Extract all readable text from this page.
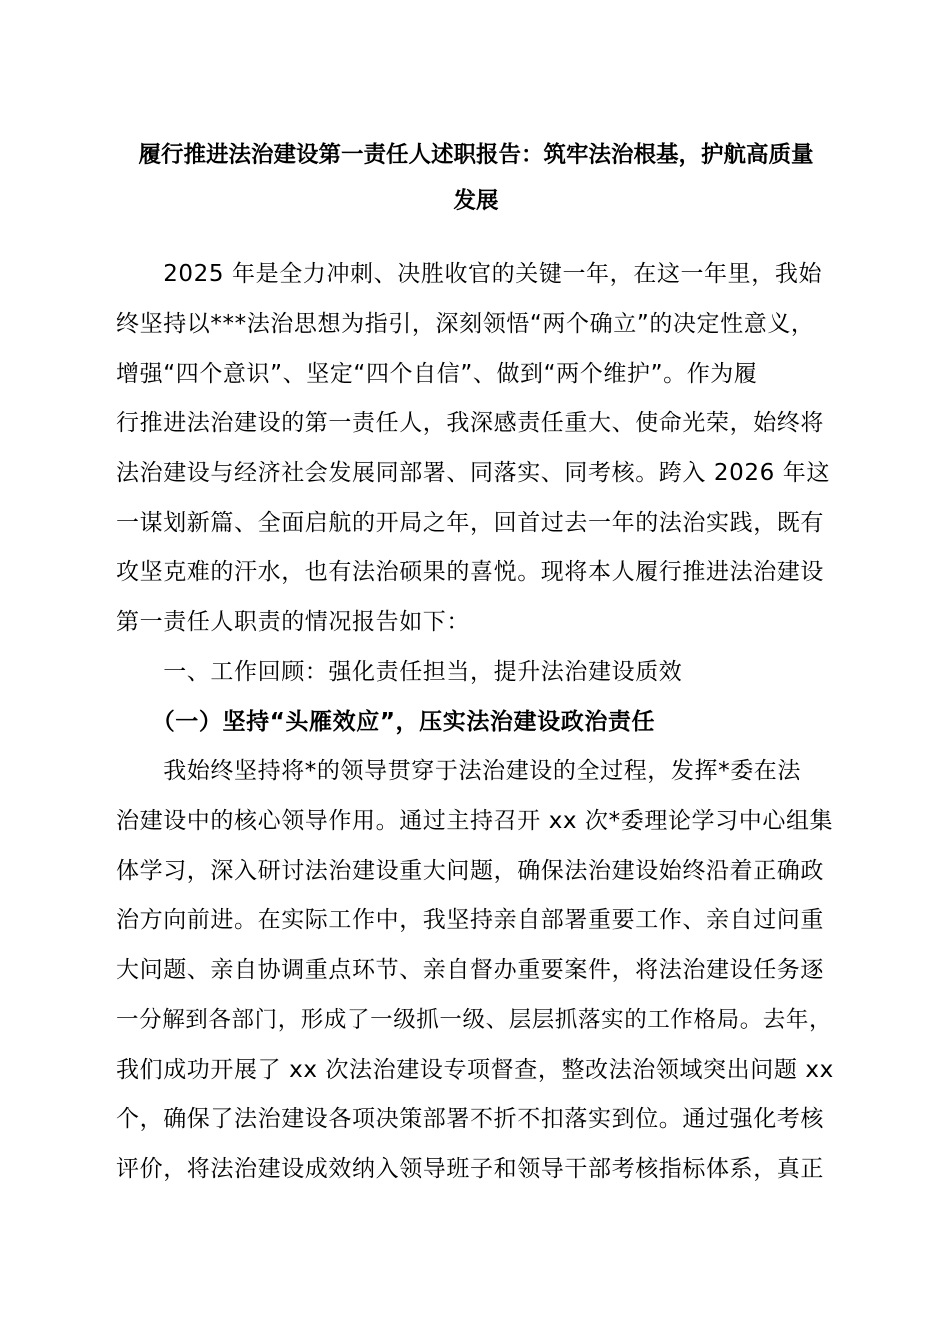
履行推进法治建设第一责任人述职报告：筑牢法治根基，护航高质量
发展
　　2025 年是全力冲刺、决胜收官的关键一年，在这一年里，我始
终坚持以***法治思想为指引，深刻领悟“两个确立”的决定性意义，
增强“四个意识”、坚定“四个自信”、做到“两个维护”。作为履
行推进法治建设的第一责任人，我深感责任重大、使命光荣，始终将
法治建设与经济社会发展同部署、同落实、同考核。跨入 2026 年这
一谋划新篇、全面启航的开局之年，回首过去一年的法治实践，既有
攻坚克难的汗水，也有法治硕果的喜悦。现将本人履行推进法治建设
第一责任人职责的情况报告如下：
　　一、工作回顾：强化责任担当，提升法治建设质效
　　（一）坚持“头雁效应”，压实法治建设政治责任
　　我始终坚持将*的领导贯穿于法治建设的全过程，发挥*委在法
治建设中的核心领导作用。通过主持召开 xx 次*委理论学习中心组集
体学习，深入研讨法治建设重大问题，确保法治建设始终沿着正确政
治方向前进。在实际工作中，我坚持亲自部署重要工作、亲自过问重
大问题、亲自协调重点环节、亲自督办重要案件，将法治建设任务逐
一分解到各部门，形成了一级抓一级、层层抓落实的工作格局。去年，
我们成功开展了 xx 次法治建设专项督查，整改法治领域突出问题 xx
个，确保了法治建设各项决策部署不折不扣落实到位。通过强化考核
评价，将法治建设成效纳入领导班子和领导干部考核指标体系，真正
